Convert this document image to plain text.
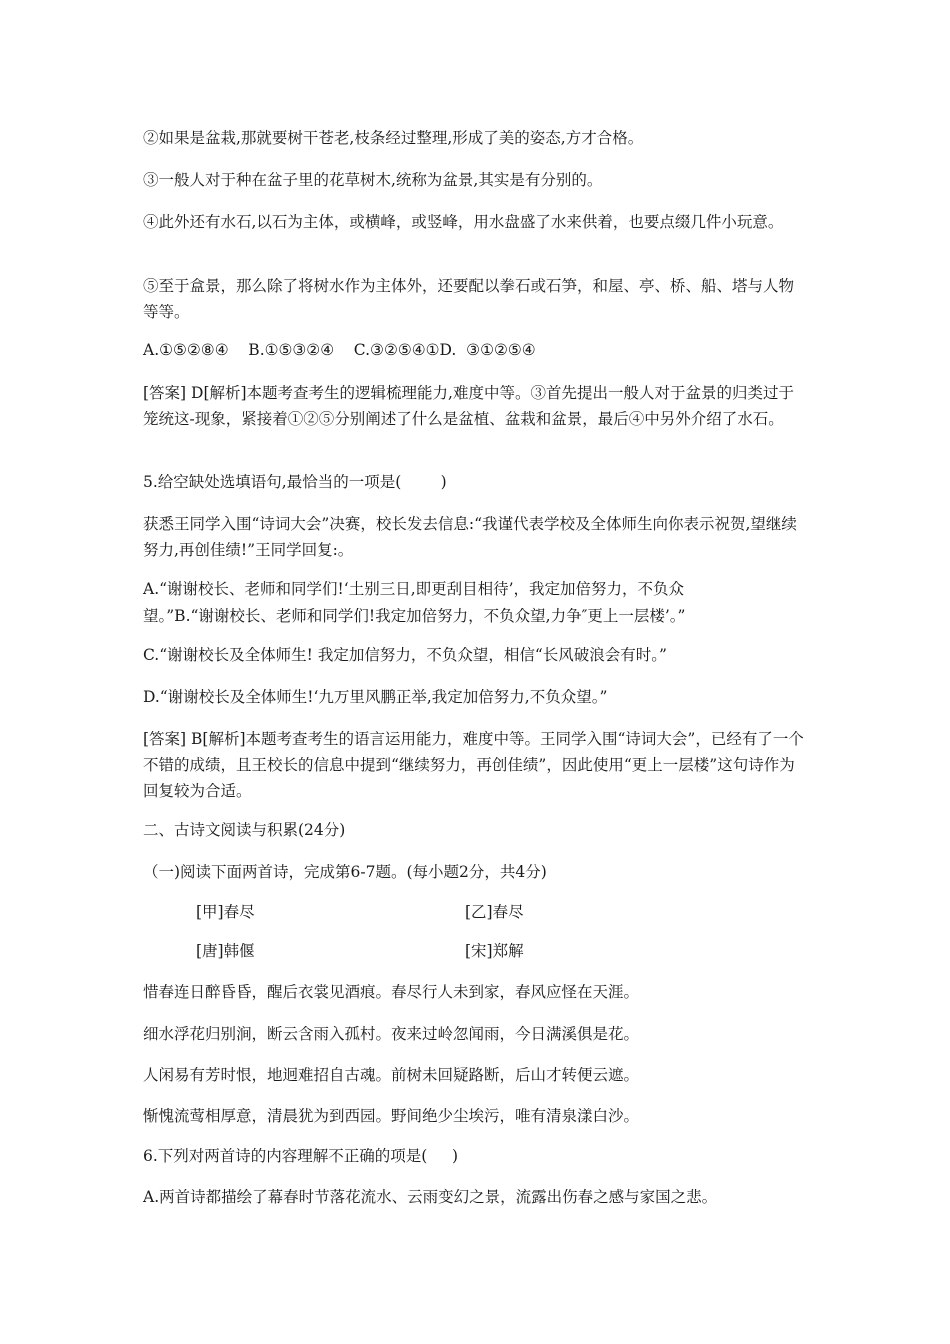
②如果是盆栽,那就要树干苍老,枝条经过整理,形成了美的姿态,方才合格。

③一般人对于种在盆子里的花草树木,统称为盆景,其实是有分别的。

④此外还有水石,以石为主体，或横峰，或竖峰，用水盘盛了水来供着，也要点缀几件小玩意。

⑤至于盒景，那么除了将树水作为主体外，还要配以拳石或石笋，和屋、亭、桥、船、塔与人物等等。

A.①⑤②⑧④    B.①⑤③②④    C.③②⑤④①D.  ③①②⑤④

[答案] D[解析]本题考查考生的逻辑梳理能力,难度中等。③首先提出一般人对于盆景的归类过于笼统这-现象，紧接着①②⑤分别阐述了什么是盆植、盆栽和盆景，最后④中另外介绍了水石。

5.给空缺处选填语句,最恰当的一项是(        )

获悉王同学入围“诗词大会”决赛，校长发去信息:“我谨代表学校及全体师生向你表示祝贺,望继续努力,再创佳绩!”王同学回复:。

A.“谢谢校长、老师和同学们!‘土别三日,即更刮目相待’，我定加倍努力，不负众

望。”B.“谢谢校长、老师和同学们!我定加倍努力，不负众望,力争″更上一层楼’。”

C.“谢谢校长及全体师生! 我定加信努力，不负众望，相信“长风破浪会有时。”

D.“谢谢校长及全体师生!‘九万里风鹏正举,我定加倍努力,不负众望。”

[答案] B[解析]本题考查考生的语言运用能力，难度中等。王同学入围“诗词大会”，已经有了一个不错的成绩，且王校长的信息中提到“继续努力，再创佳绩”，因此使用“更上一层楼”这句诗作为回复较为合适。

二、古诗文阅读与积累(24分)

（一)阅读下面两首诗，完成第6-7题。(每小题2分，共4分)

[甲]春尽	[乙]春尽
[唐]韩偃	[宋]郑解

惜春连日醉昏昏，醒后衣裳见酒痕。春尽行人未到家，春风应怪在天涯。

细水浮花归别涧，断云含雨入孤村。夜来过岭忽闻雨，今日满溪俱是花。

人闲易有芳时恨，地迥难招自古魂。前树未回疑路断，后山才转便云遮。

惭愧流莺相厚意，清晨犹为到西园。野间绝少尘埃污，唯有清泉漾白沙。

6.下列对两首诗的内容理解不正确的项是(     )

A.两首诗都描绘了幕春时节落花流水、云雨变幻之景，流露出伤春之感与家国之悲。
